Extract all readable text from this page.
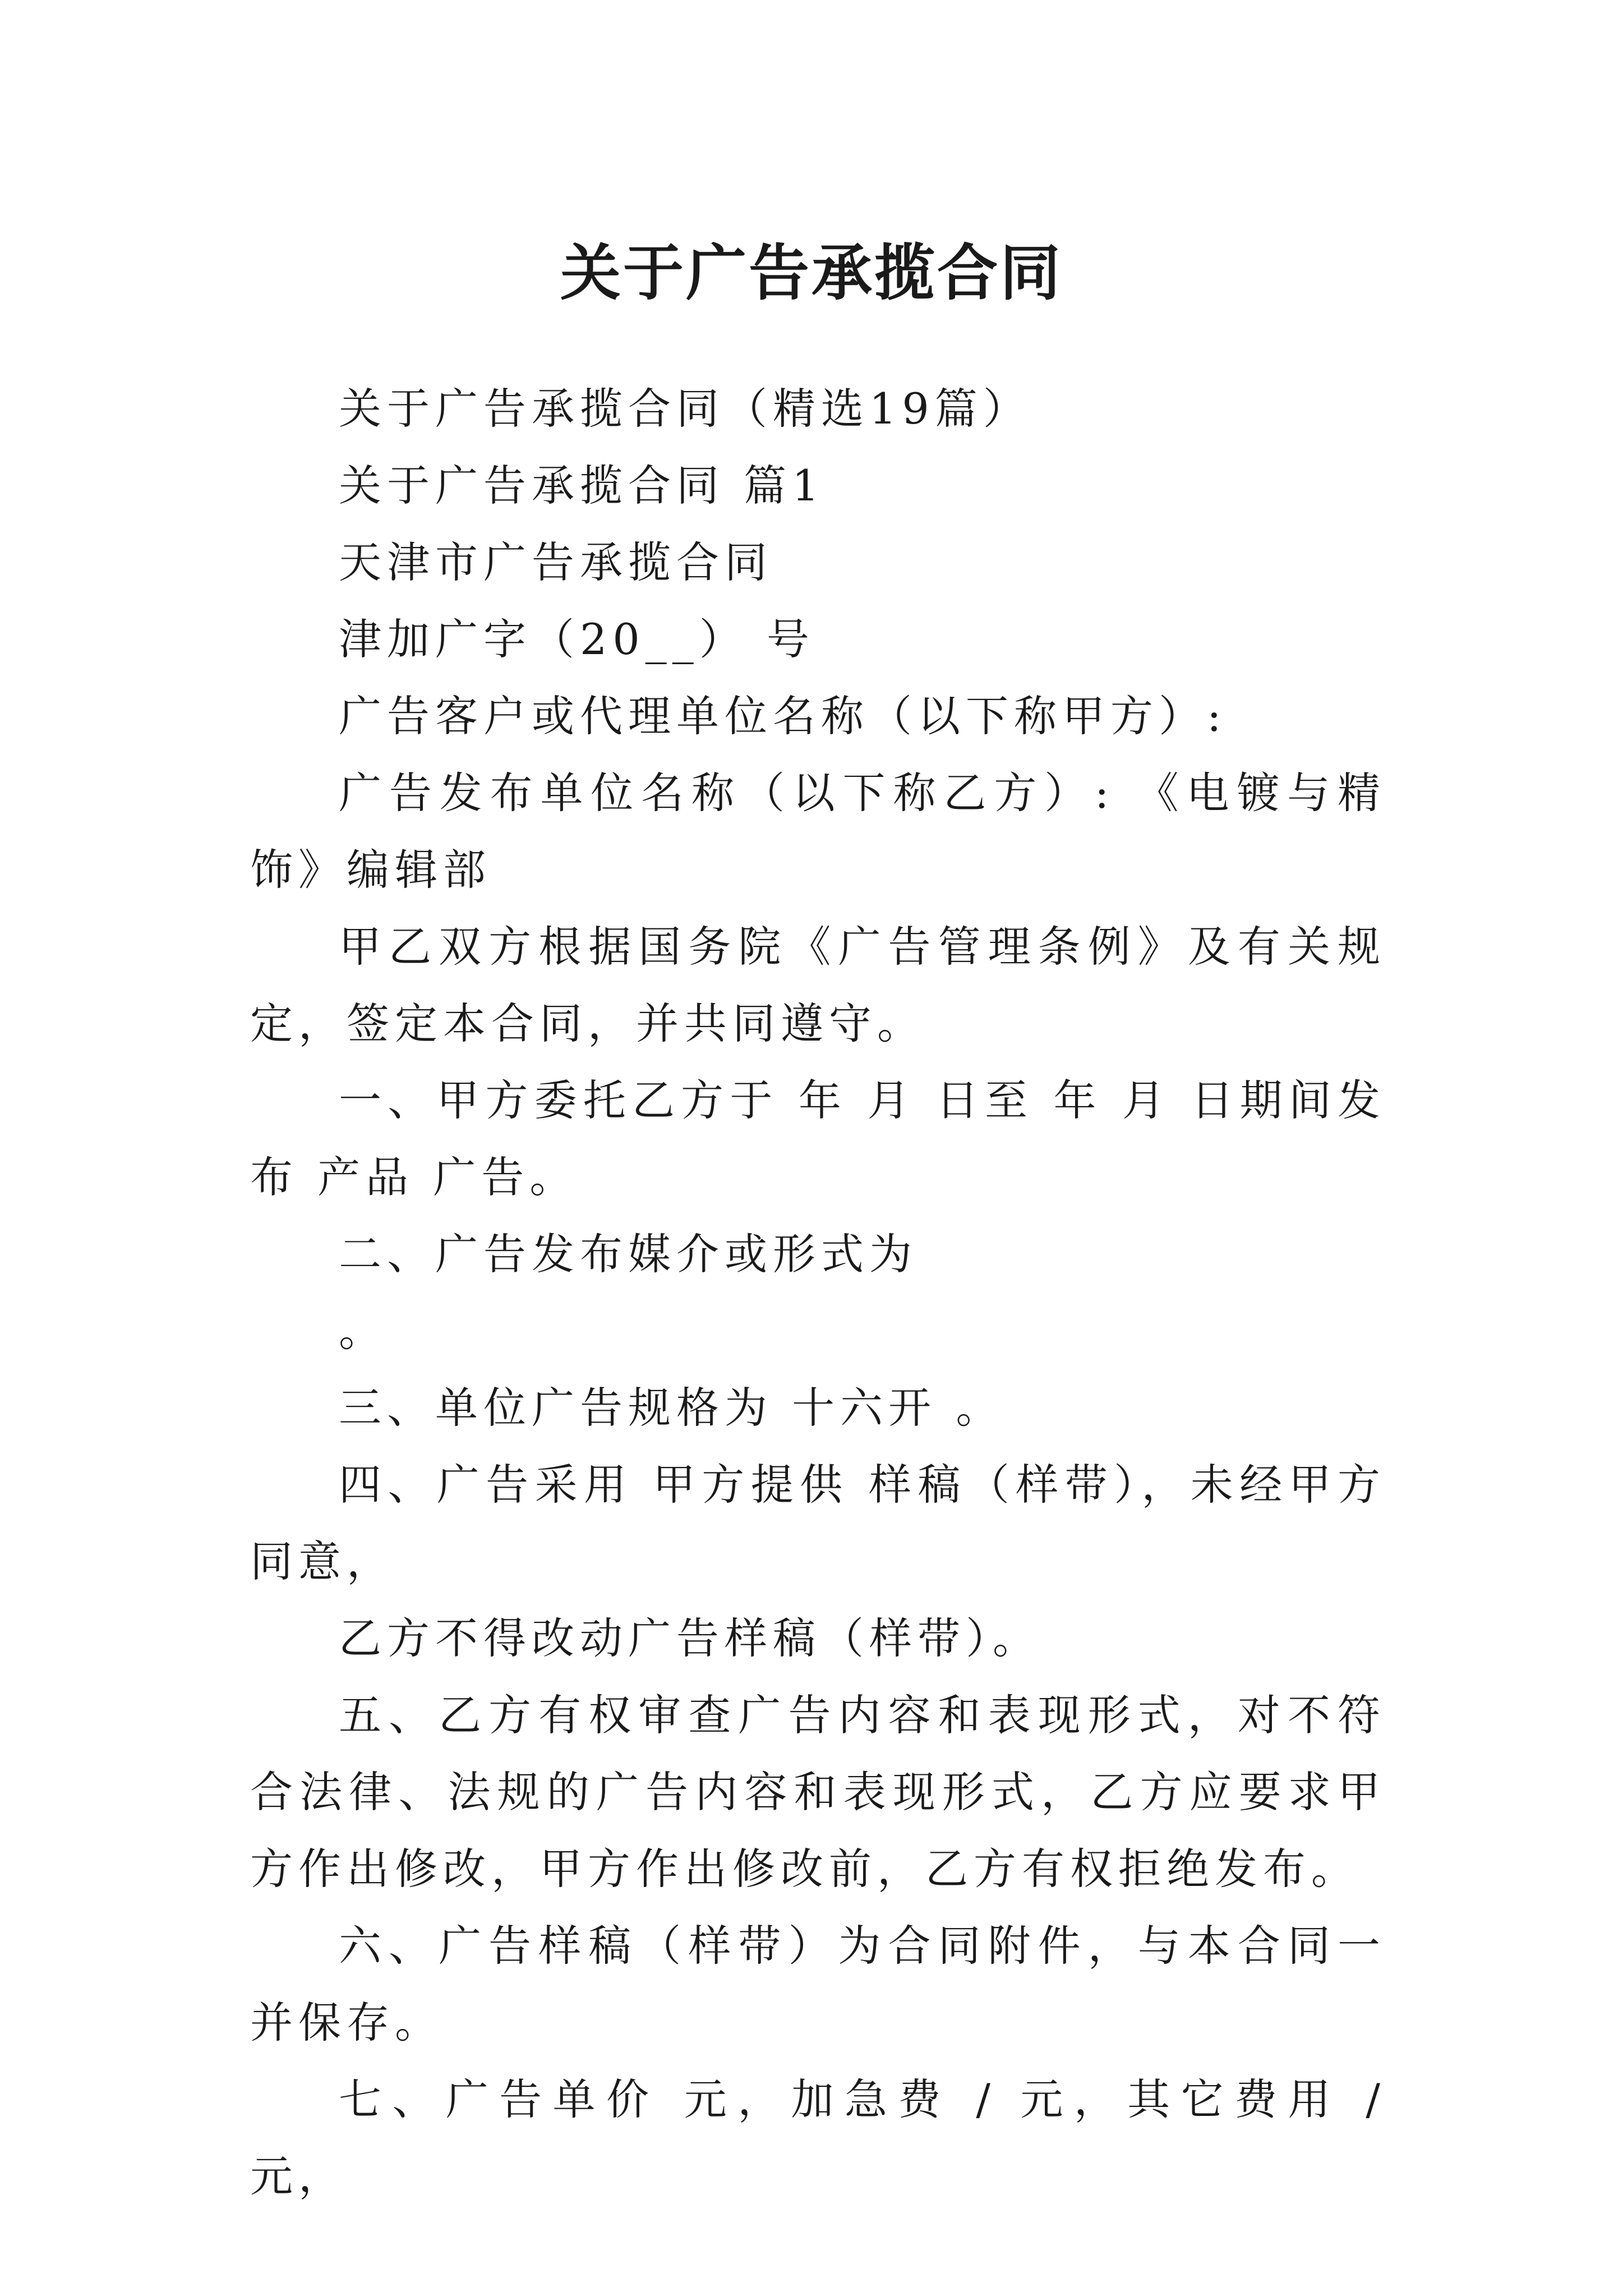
关于广告承揽合同

关于广告承揽合同（精选19篇）

关于广告承揽合同 篇1

天津市广告承揽合同

津加广字（20__） 号

广告客户或代理单位名称（以下称甲方）:

广告发布单位名称（以下称乙方）: 《电镀与精饰》编辑部

甲乙双方根据国务院《广告管理条例》及有关规定，签定本合同，并共同遵守。

一、甲方委托乙方于 年 月 日至 年 月 日期间发布 产品 广告。

二、广告发布媒介或形式为

。

三、单位广告规格为 十六开 。

四、广告采用 甲方提供 样稿（样带），未经甲方同意，

乙方不得改动广告样稿（样带）。

五、乙方有权审查广告内容和表现形式，对不符合法律、法规的广告内容和表现形式，乙方应要求甲方作出修改，甲方作出修改前，乙方有权拒绝发布。

六、广告样稿（样带）为合同附件，与本合同一并保存。

七、广告单价 元，加急费 / 元，其它费用 / 元，
